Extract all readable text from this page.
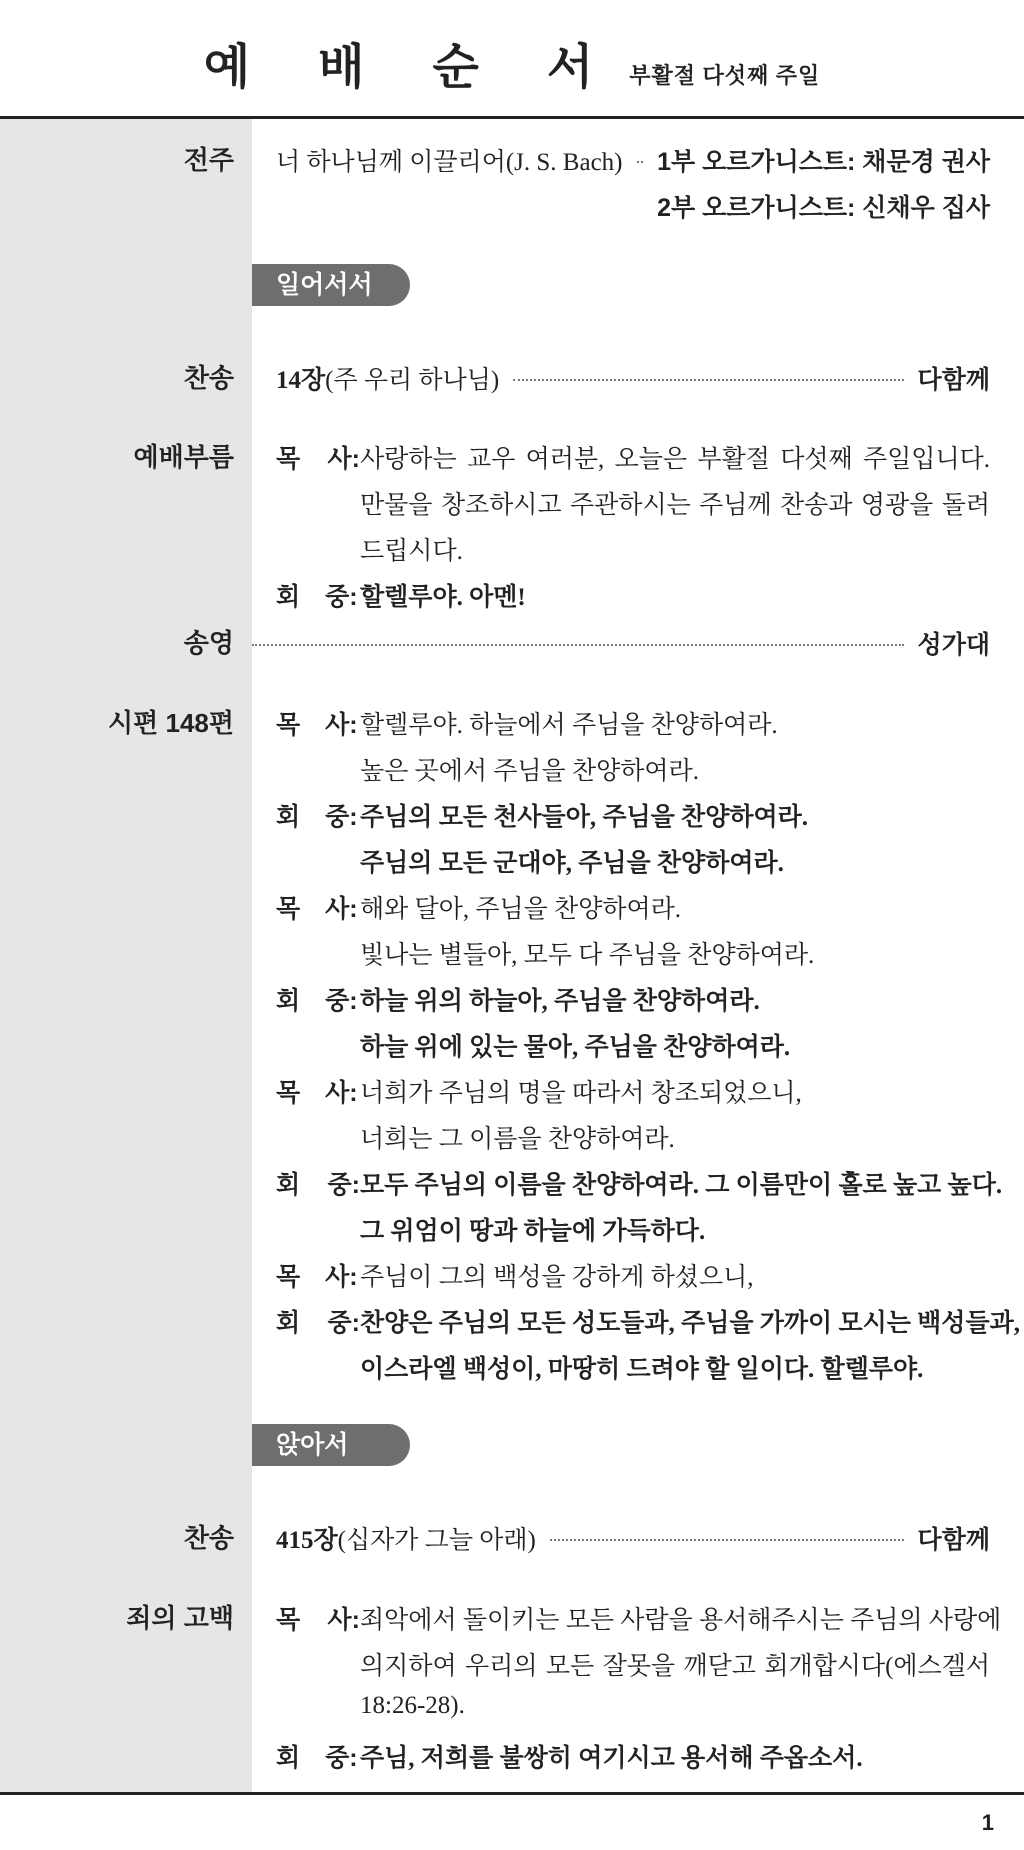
예 배 순 서 부활절 다섯째 주일
전주 너 하나님께 이끌리어(J. S. Bach) 1부 오르가니스트: 채문경 권사
2부 오르가니스트: 신채우 집사
일어서서
찬송 14장 (주 우리 하나님)	다함께
예배부름 목　사:사랑하는 교우 여러분, 오늘은 부활절 다섯째 주일입니다.
만물을 창조하시고 주관하시는 주님께 찬송과 영광을 돌려
드립시다.
회　중:할렐루야. 아멘!
송영	성가대
시편 148편 목　사:할렐루야. 하늘에서 주님을 찬양하여라.
높은 곳에서 주님을 찬양하여라.
회　중:주님의 모든 천사들아, 주님을 찬양하여라.
주님의 모든 군대야, 주님을 찬양하여라.
목　사:해와 달아, 주님을 찬양하여라.
빛나는 별들아, 모두 다 주님을 찬양하여라.
회　중:하늘 위의 하늘아, 주님을 찬양하여라.
하늘 위에 있는 물아, 주님을 찬양하여라.
목　사:너희가 주님의 명을 따라서 창조되었으니,
너희는 그 이름을 찬양하여라.
회　중:모두 주님의 이름을 찬양하여라. 그 이름만이 홀로 높고 높다.
그 위엄이 땅과 하늘에 가득하다.
목　사:주님이 그의 백성을 강하게 하셨으니,
회　중:찬양은 주님의 모든 성도들과, 주님을 가까이 모시는 백성들과,
이스라엘 백성이, 마땅히 드려야 할 일이다. 할렐루야.
앉아서
찬송 415장 (십자가 그늘 아래)	다함께
죄의 고백 목　사:죄악에서 돌이키는 모든 사람을 용서해주시는 주님의 사랑에
의지하여 우리의 모든 잘못을 깨닫고 회개합시다(에스겔서
18:26-28).
회　중:주님, 저희를 불쌍히 여기시고 용서해 주옵소서.
1
